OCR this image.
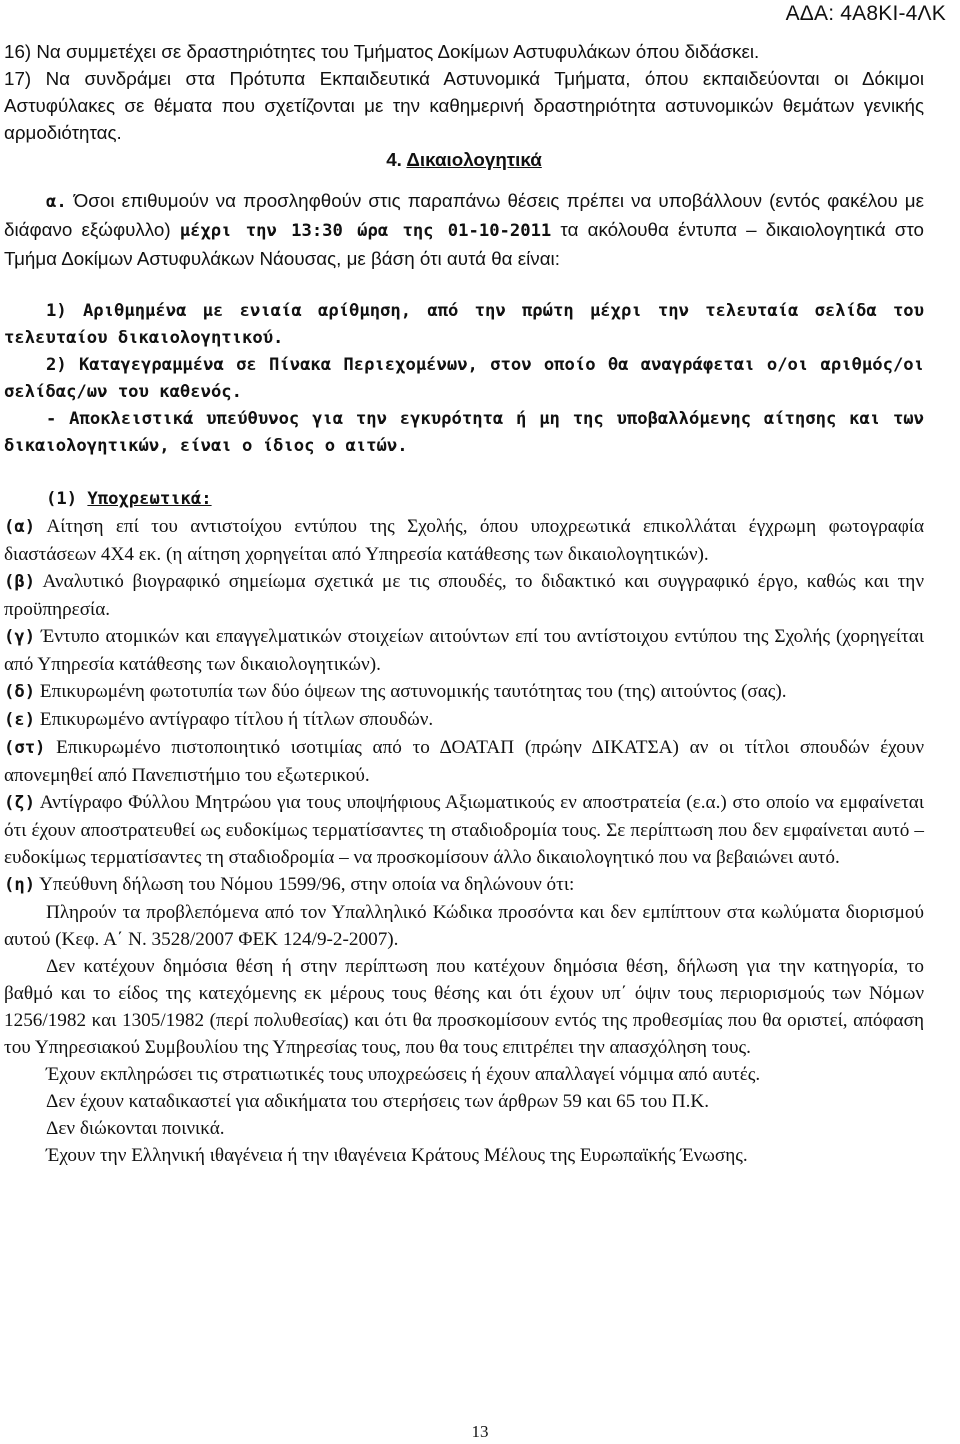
ΑΔΑ: 4Α8ΚΙ-4ΛΚ

16) Να συμμετέχει σε δραστηριότητες του Τμήματος Δοκίμων Αστυφυλάκων όπου διδάσκει.

17) Να συνδράμει στα Πρότυπα Εκπαιδευτικά Αστυνομικά Τμήματα, όπου εκπαιδεύονται οι Δόκιμοι Αστυφύλακες σε θέματα που σχετίζονται με την καθημερινή δραστηριότητα αστυνομικών θεμάτων γενικής αρμοδιότητας.

4. Δικαιολογητικά

α. Όσοι επιθυμούν να προσληφθούν στις παραπάνω θέσεις πρέπει να υποβάλλουν (εντός φακέλου με διάφανο εξώφυλλο) μέχρι την 13:30 ώρα της 01-10-2011 τα ακόλουθα έντυπα – δικαιολογητικά στο Τμήμα Δοκίμων Αστυφυλάκων Νάουσας, με βάση ότι αυτά θα είναι:

1) Αριθμημένα με ενιαία αρίθμηση, από την πρώτη μέχρι την τελευταία σελίδα του τελευταίου δικαιολογητικού.

2) Καταγεγραμμένα σε Πίνακα Περιεχομένων, στον οποίο θα αναγράφεται ο/οι αριθμός/οι σελίδας/ων του καθενός.

- Αποκλειστικά υπεύθυνος για την εγκυρότητα ή μη της υποβαλλόμενης αίτησης και των δικαιολογητικών, είναι ο ίδιος ο αιτών.

(1) Υποχρεωτικά:

(α) Αίτηση επί του αντιστοίχου εντύπου της Σχολής, όπου υποχρεωτικά επικολλάται έγχρωμη φωτογραφία διαστάσεων 4Χ4 εκ. (η αίτηση χορηγείται από Υπηρεσία κατάθεσης των δικαιολογητικών).

(β) Αναλυτικό βιογραφικό σημείωμα σχετικά με τις σπουδές, το διδακτικό και συγγραφικό έργο, καθώς και την προϋπηρεσία.

(γ) Έντυπο ατομικών και επαγγελματικών στοιχείων αιτούντων επί του αντίστοιχου εντύπου της Σχολής (χορηγείται από Υπηρεσία κατάθεσης των δικαιολογητικών).

(δ) Επικυρωμένη φωτοτυπία των δύο όψεων της αστυνομικής ταυτότητας του (της) αιτούντος (σας).

(ε) Επικυρωμένο αντίγραφο τίτλου ή τίτλων σπουδών.

(στ) Επικυρωμένο πιστοποιητικό ισοτιμίας από το ΔΟΑΤΑΠ (πρώην ΔΙΚΑΤΣΑ) αν οι τίτλοι σπουδών έχουν απονεμηθεί από Πανεπιστήμιο του εξωτερικού.

(ζ) Αντίγραφο Φύλλου Μητρώου για τους υποψήφιους Αξιωματικούς εν αποστρατεία (ε.α.) στο οποίο να εμφαίνεται ότι έχουν αποστρατευθεί ως ευδοκίμως τερματίσαντες τη σταδιοδρομία τους. Σε περίπτωση που δεν εμφαίνεται αυτό – ευδοκίμως τερματίσαντες τη σταδιοδρομία – να προσκομίσουν άλλο δικαιολογητικό που να βεβαιώνει αυτό.

(η) Υπεύθυνη δήλωση του Νόμου 1599/96, στην οποία να δηλώνουν ότι:

Πληρούν τα προβλεπόμενα από τον Υπαλληλικό Κώδικα προσόντα και δεν εμπίπτουν στα κωλύματα διορισμού αυτού (Κεφ. Α΄ Ν. 3528/2007 ΦΕΚ 124/9-2-2007).

Δεν κατέχουν δημόσια θέση ή στην περίπτωση που κατέχουν δημόσια θέση, δήλωση για την κατηγορία, το βαθμό και το είδος της κατεχόμενης εκ μέρους τους θέσης και ότι έχουν υπ΄ όψιν τους περιορισμούς των Νόμων 1256/1982 και 1305/1982 (περί πολυθεσίας) και ότι θα προσκομίσουν εντός της προθεσμίας που θα οριστεί, απόφαση του Υπηρεσιακού Συμβουλίου της Υπηρεσίας τους, που θα τους επιτρέπει την απασχόληση τους.

Έχουν εκπληρώσει τις στρατιωτικές τους υποχρεώσεις ή έχουν απαλλαγεί νόμιμα από αυτές.

Δεν έχουν καταδικαστεί για αδικήματα του στερήσεις των άρθρων 59 και 65 του Π.Κ.

Δεν διώκονται ποινικά.

Έχουν την Ελληνική ιθαγένεια ή την ιθαγένεια Κράτους Μέλους της Ευρωπαϊκής Ένωσης.

13
